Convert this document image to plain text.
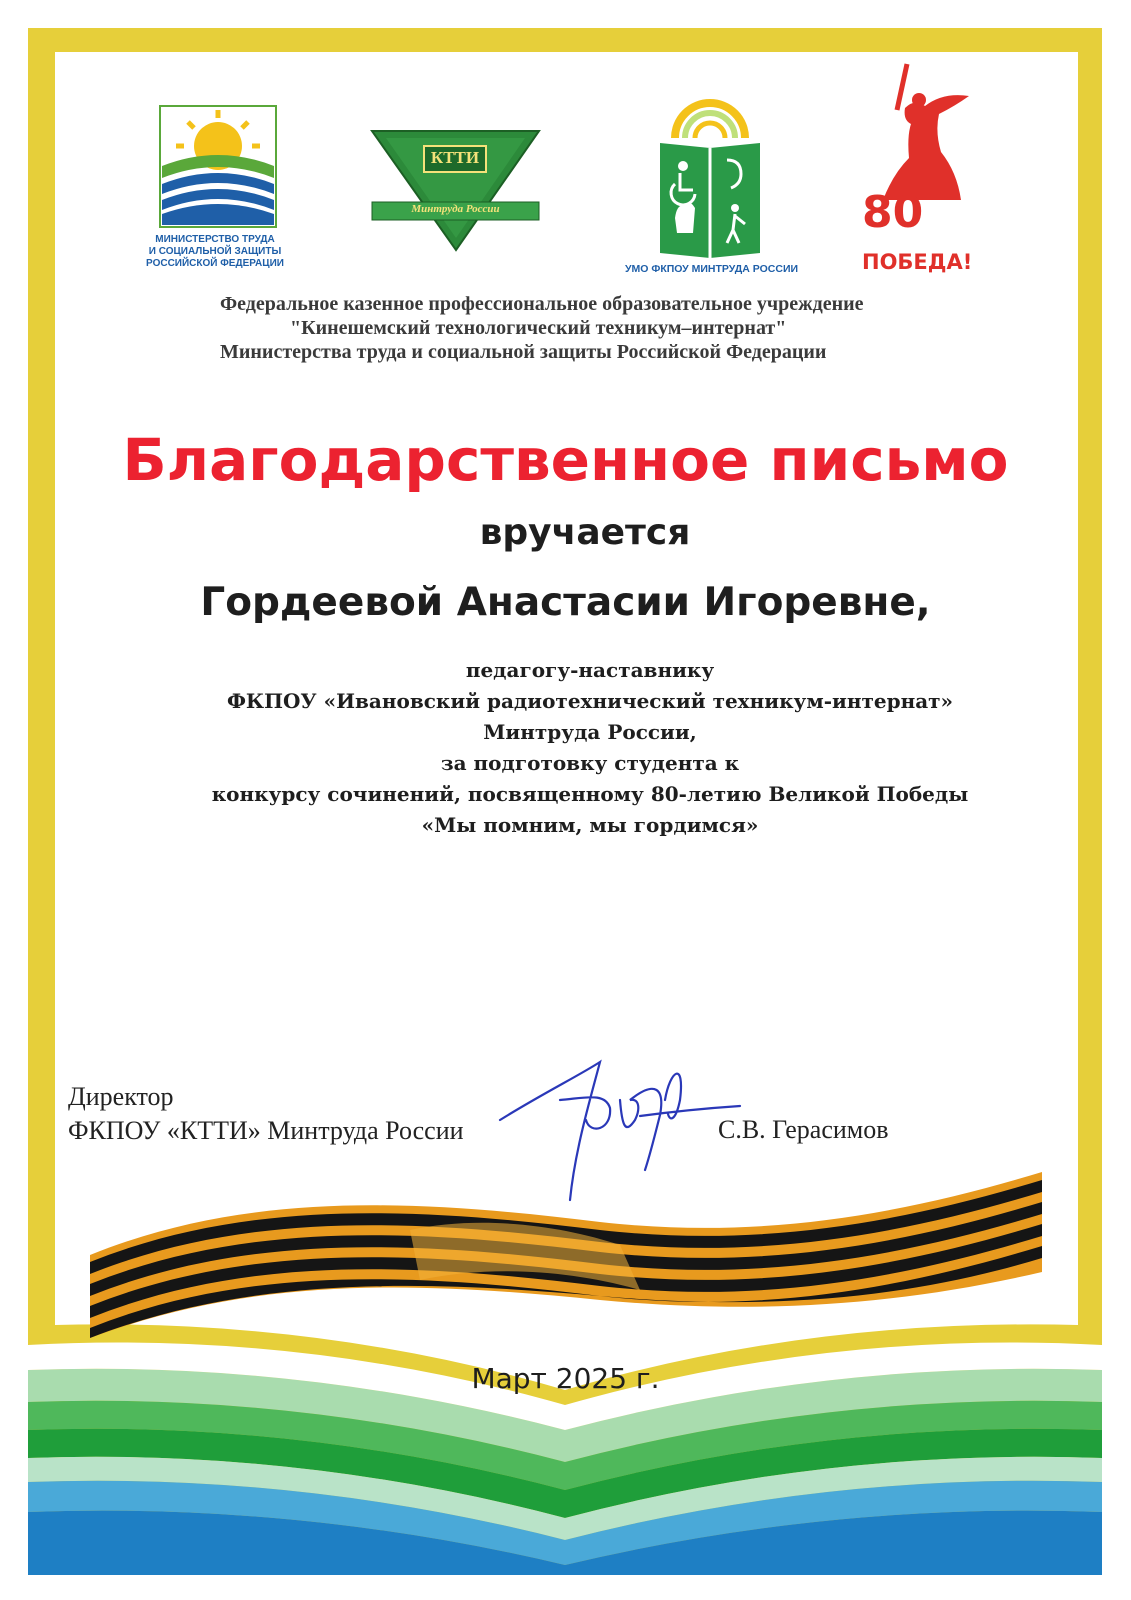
МИНИСТЕРСТВО ТРУДА
И СОЦИАЛЬНОЙ ЗАЩИТЫ
РОССИЙСКОЙ ФЕДЕРАЦИИ
КТТИ
Минтруда России
УМО ФКПОУ МИНТРУДА РОССИИ
80
ПОБЕДА!
Федеральное казенное профессиональное образовательное учреждение
"Кинешемский технологический техникум–интернат"
Министерства труда и социальной защиты Российской Федерации
Благодарственное письмо
вручается
Гордеевой Анастасии Игоревне,
педагогу-наставнику
ФКПОУ «Ивановский радиотехнический техникум-интернат»
Минтруда России,
за подготовку студента к
конкурсу сочинений, посвященному 80-летию Великой Победы
«Мы помним, мы гордимся»
Директор
ФКПОУ «КТТИ» Минтруда России	С.В. Герасимов
Март 2025 г.
